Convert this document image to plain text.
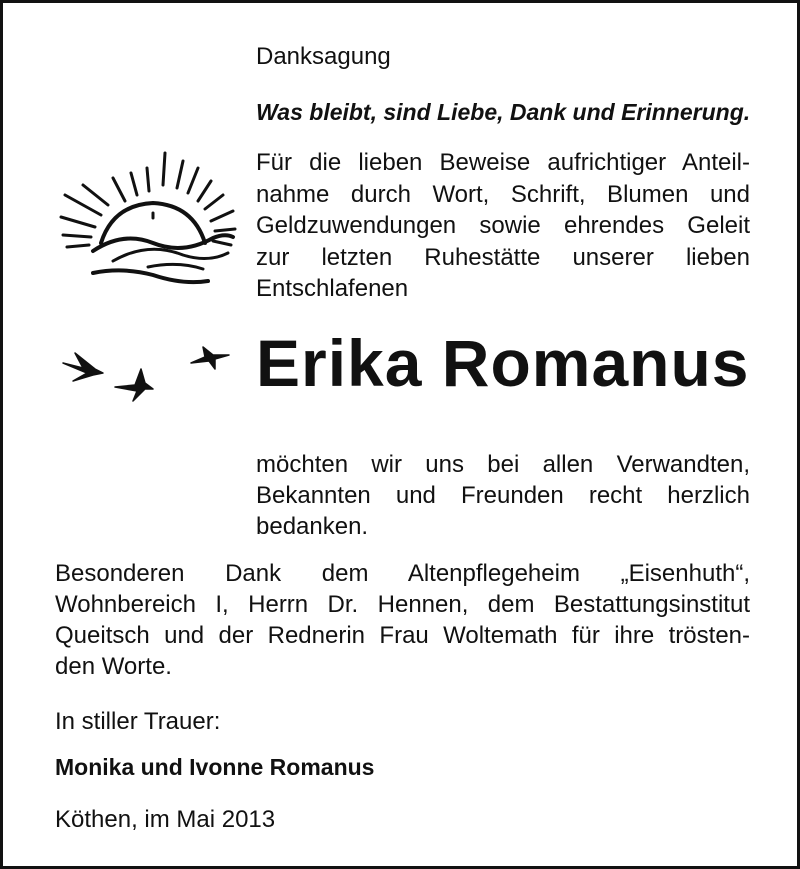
Danksagung
Was bleibt, sind Liebe, Dank und Erinnerung.
Für die lieben Beweise aufrichtiger Anteil-
nahme durch Wort, Schrift, Blumen und
Geldzuwendungen sowie ehrendes Geleit
zur letzten Ruhestätte unserer lieben
Entschlafenen
Erika Romanus
möchten wir uns bei allen Verwandten,
Bekannten und Freunden recht herzlich
bedanken.
Besonderen Dank dem Altenpflegeheim „Eisenhuth“,
Wohnbereich I, Herrn Dr. Hennen, dem Bestattungsinstitut
Queitsch und der Rednerin Frau Woltemath für ihre trösten-
den Worte.
In stiller Trauer:
Monika und Ivonne Romanus
Köthen, im Mai 2013
